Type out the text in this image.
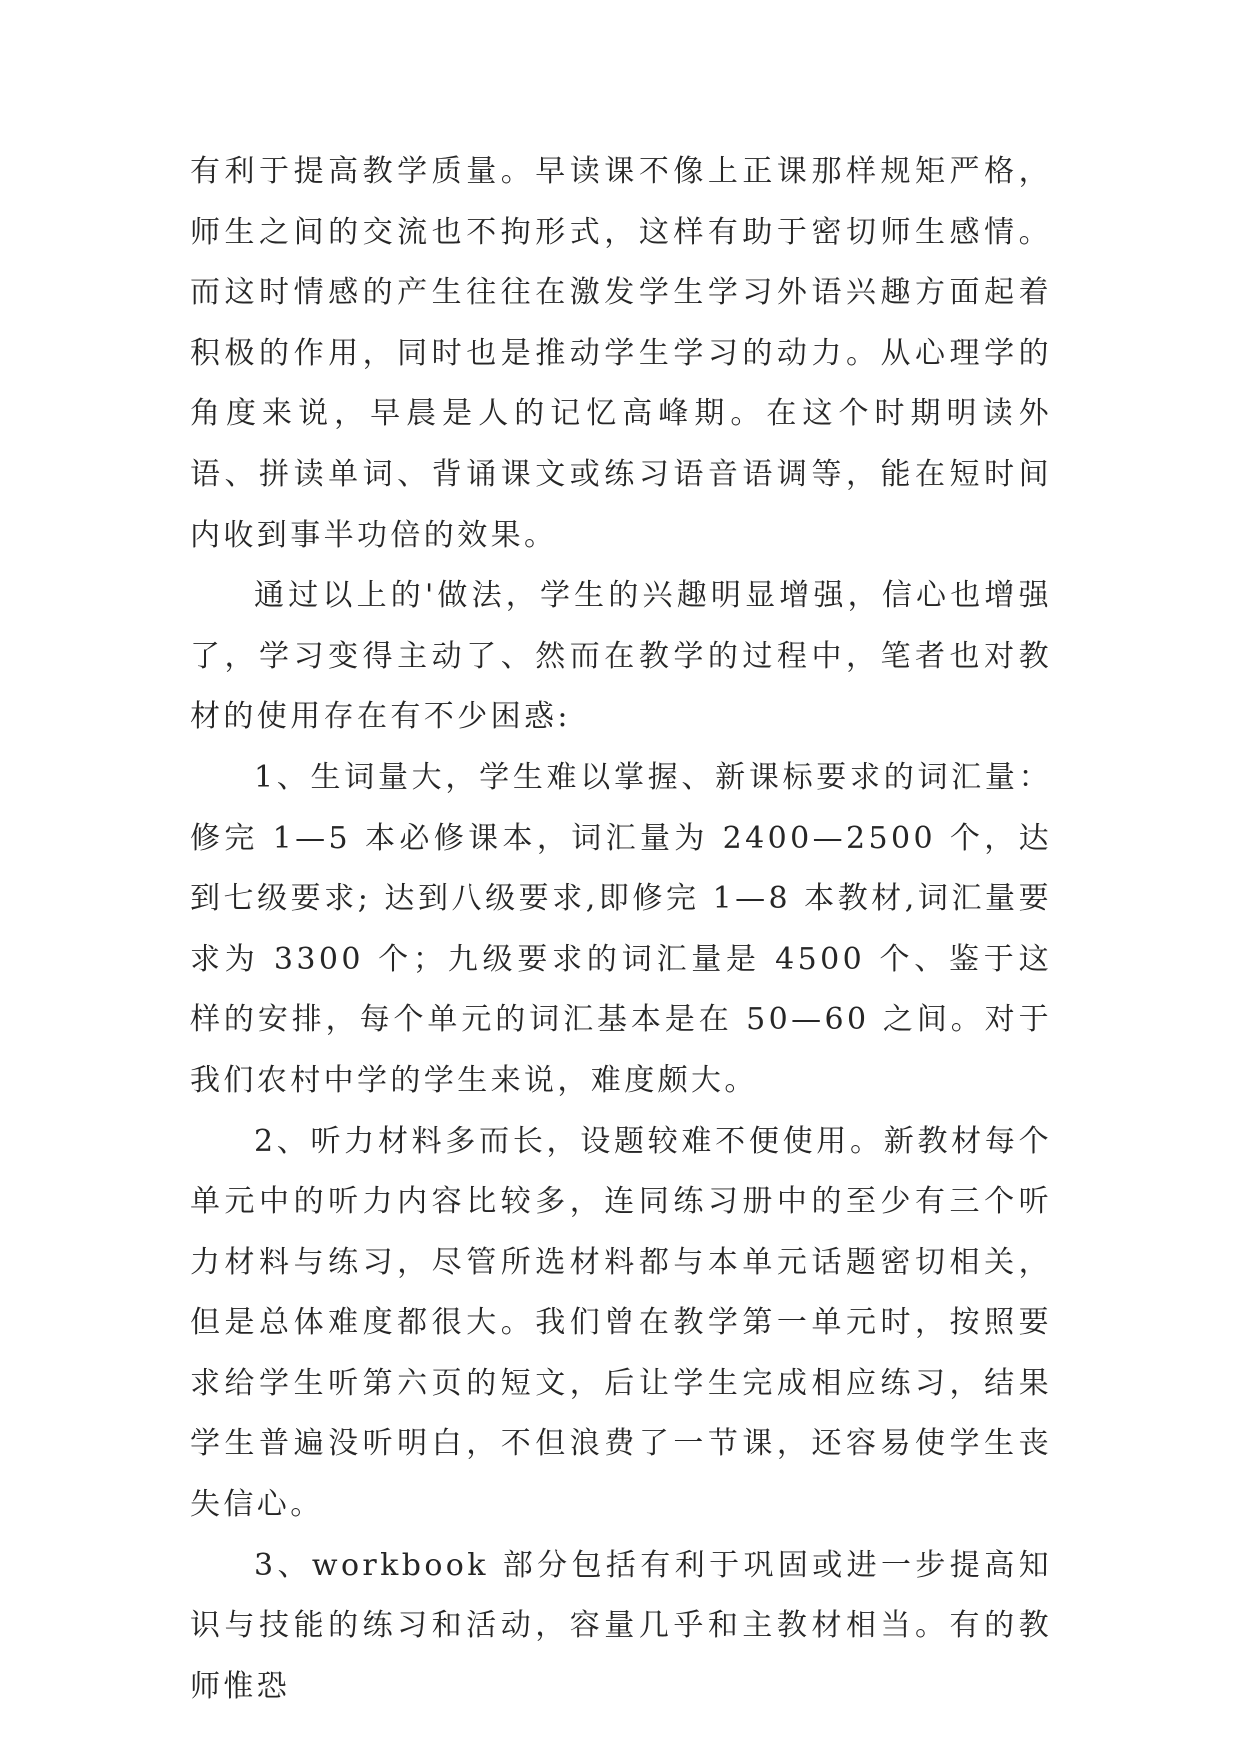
有利于提高教学质量。早读课不像上正课那样规矩严格，师生之间的交流也不拘形式，这样有助于密切师生感情。而这时情感的产生往往在激发学生学习外语兴趣方面起着积极的作用，同时也是推动学生学习的动力。从心理学的角度来说，早晨是人的记忆高峰期。在这个时期明读外语、拼读单词、背诵课文或练习语音语调等，能在短时间内收到事半功倍的效果。

通过以上的'做法，学生的兴趣明显增强，信心也增强了，学习变得主动了、然而在教学的过程中，笔者也对教材的使用存在有不少困惑:

1、生词量大，学生难以掌握、新课标要求的词汇量：修完 1—5 本必修课本，词汇量为 2400—2500 个，达到七级要求; 达到八级要求,即修完 1—8 本教材,词汇量要求为 3300 个；九级要求的词汇量是 4500 个、鉴于这样的安排，每个单元的词汇基本是在 50—60 之间。对于我们农村中学的学生来说，难度颇大。

2、听力材料多而长，设题较难不便使用。新教材每个单元中的听力内容比较多，连同练习册中的至少有三个听力材料与练习，尽管所选材料都与本单元话题密切相关，但是总体难度都很大。我们曾在教学第一单元时，按照要求给学生听第六页的短文，后让学生完成相应练习，结果学生普遍没听明白，不但浪费了一节课，还容易使学生丧失信心。

3、workbook 部分包括有利于巩固或进一步提高知识与技能的练习和活动，容量几乎和主教材相当。有的教师惟恐
